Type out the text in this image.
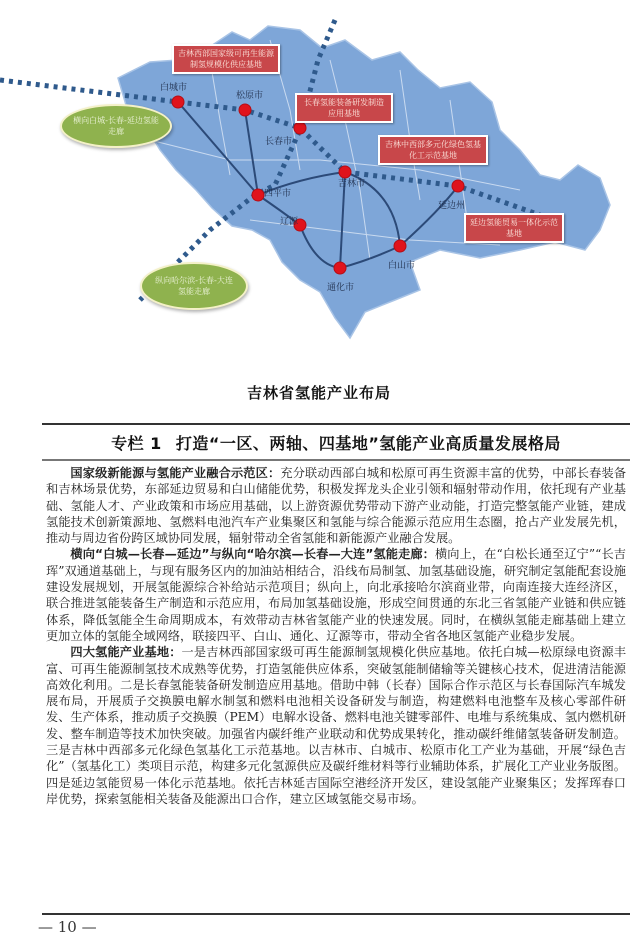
白城市
松原市
长春市
吉林市
四平市
辽源
通化市
白山市
延边州
吉林西部国家级可再生能源制氢规模化供应基地
长春氢能装备研发制造应用基地
吉林中西部多元化绿色氢基化工示范基地
延边氢能贸易一体化示范基地
横向白城-长春-延边氢能走廊
纵向哈尔滨-长春-大连氢能走廊
吉林省氢能产业布局
专栏 1 打造“一区、两轴、四基地”氢能产业高质量发展格局

国家级新能源与氢能产业融合示范区：充分联动西部白城和松原可再生资源丰富的优势，中部长春装备和吉林场景优势，东部延边贸易和白山储能优势，积极发挥龙头企业引领和辐射带动作用，依托现有产业基础、氢能人才、产业政策和市场应用基础，以上游资源优势带动下游产业动能，打造完整氢能产业链，建成氢能技术创新策源地、氢燃料电池汽车产业集聚区和氢能与综合能源示范应用生态圈，抢占产业发展先机，推动与周边省份跨区域协同发展，辐射带动全省氢能和新能源产业融合发展。

横向“白城—长春—延边”与纵向“哈尔滨—长春—大连”氢能走廊：横向上，在“白松长通至辽宁”“长吉珲”双通道基础上，与现有服务区内的加油站相结合，沿线布局制氢、加氢基础设施，研究制定氢能配套设施建设发展规划，开展氢能源综合补给站示范项目；纵向上，向北承接哈尔滨商业带，向南连接大连经济区，联合推进氢能装备生产制造和示范应用，布局加氢基础设施，形成空间贯通的东北三省氢能产业链和供应链体系，降低氢能全生命周期成本，有效带动吉林省氢能产业的快速发展。同时，在横纵氢能走廊基础上建立更加立体的氢能全域网络，联接四平、白山、通化、辽源等市，带动全省各地区氢能产业稳步发展。

四大氢能产业基地：一是吉林西部国家级可再生能源制氢规模化供应基地。依托白城—松原绿电资源丰富、可再生能源制氢技术成熟等优势，打造氢能供应体系，突破氢能制储输等关键核心技术，促进清洁能源高效化利用。二是长春氢能装备研发制造应用基地。借助中韩（长春）国际合作示范区与长春国际汽车城发展布局，开展质子交换膜电解水制氢和燃料电池相关设备研发与制造，构建燃料电池整车及核心零部件研发、生产体系，推动质子交换膜（PEM）电解水设备、燃料电池关键零部件、电堆与系统集成、氢内燃机研发、整车制造等技术加快突破。加强省内碳纤维产业联动和优势成果转化，推动碳纤维储氢装备研发制造。三是吉林中西部多元化绿色氢基化工示范基地。以吉林市、白城市、松原市化工产业为基础，开展“绿色吉化”（氢基化工）类项目示范，构建多元化氢源供应及碳纤维材料等行业辅助体系，扩展化工产业业务版图。四是延边氢能贸易一体化示范基地。依托吉林延吉国际空港经济开发区，建设氢能产业聚集区；发挥珲春口岸优势，探索氢能相关装备及能源出口合作，建立区域氢能交易市场。

— 10 —
